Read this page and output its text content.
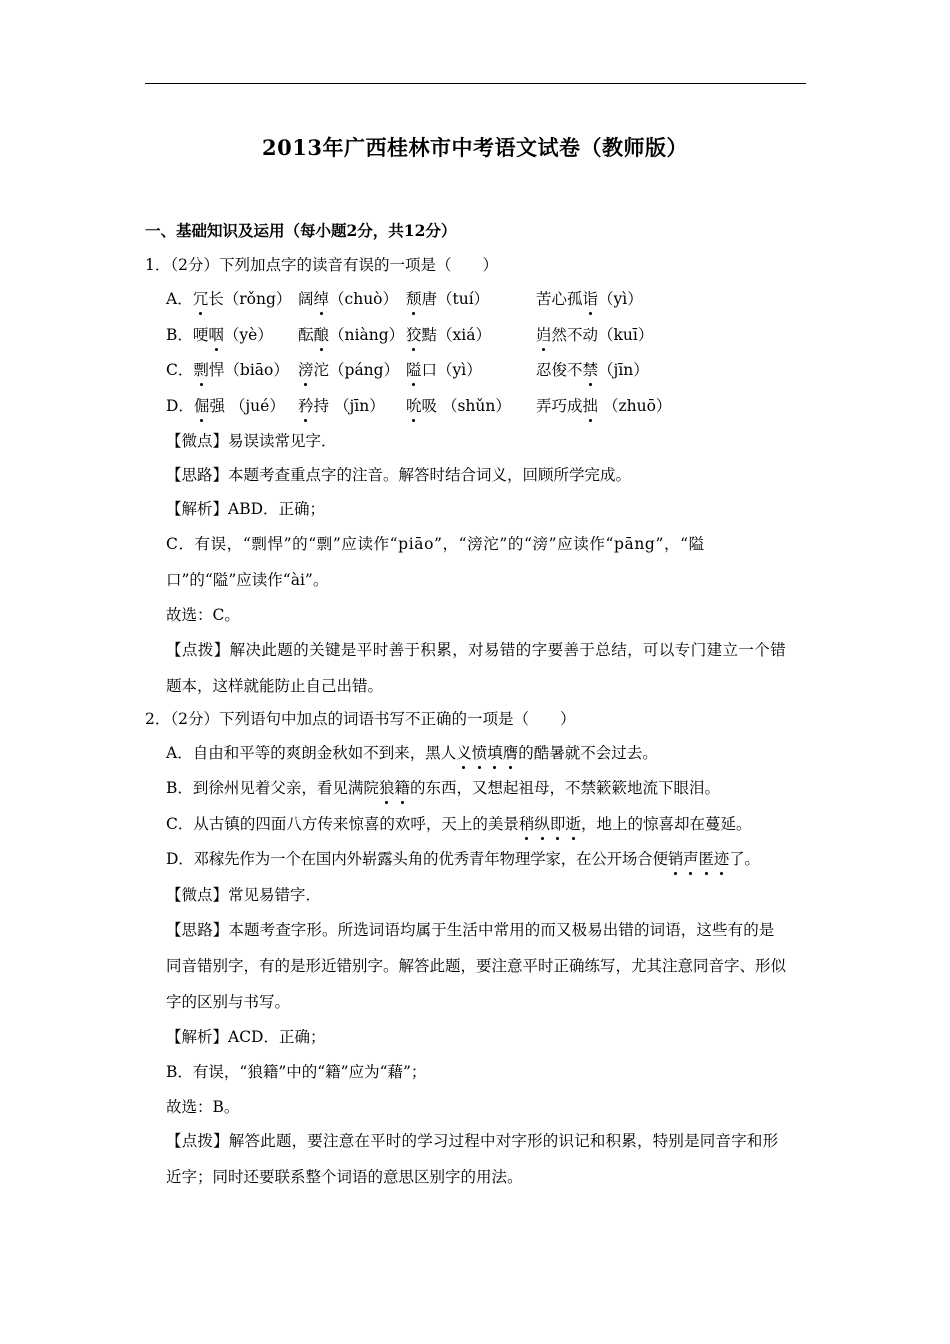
2013年广西桂林市中考语文试卷（教师版）
一、基础知识及运用（每小题2分，共12分）
1．（2分）下列加点字的读音有误的一项是（　　）
A．冗长（rǒng） 阔绰（chuò） 颓唐（tuí）	苦心孤诣（yì）
B．哽咽（yè） 酝酿（niàng） 狡黠（xiá）	岿然不动（kuī）
C．剽悍（biāo） 滂沱（páng） 隘口（yì）	忍俊不禁（jīn）
D．倔强 （jué） 矜持 （jīn） 吮吸 （shǔn） 弄巧成拙 （zhuō）
【微点】易误读常见字．
【思路】本题考查重点字的注音。解答时结合词义，回顾所学完成。
【解析】ABD．正确；
C．有误，“剽悍”的“剽”应读作“piāo”，“滂沱”的“滂”应读作“pāng”，“隘
口”的“隘”应读作“ài”。
故选：C。
【点拨】解决此题的关键是平时善于积累，对易错的字要善于总结，可以专门建立一个错
题本，这样就能防止自己出错。
2．（2分）下列语句中加点的词语书写不正确的一项是（　　）
A．自由和平等的爽朗金秋如不到来，黑人义愤填膺的酷暑就不会过去。
B．到徐州见着父亲，看见满院狼籍的东西，又想起祖母，不禁簌簌地流下眼泪。
C．从古镇的四面八方传来惊喜的欢呼，天上的美景稍纵即逝，地上的惊喜却在蔓延。
D．邓稼先作为一个在国内外崭露头角的优秀青年物理学家，在公开场合便销声匿迹了。
【微点】常见易错字．
【思路】本题考查字形。所选词语均属于生活中常用的而又极易出错的词语，这些有的是
同音错别字，有的是形近错别字。解答此题，要注意平时正确练写，尤其注意同音字、形似
字的区别与书写。
【解析】ACD．正确；
B．有误，“狼籍”中的“籍”应为“藉”；
故选：B。
【点拨】解答此题，要注意在平时的学习过程中对字形的识记和积累，特别是同音字和形
近字；同时还要联系整个词语的意思区别字的用法。
